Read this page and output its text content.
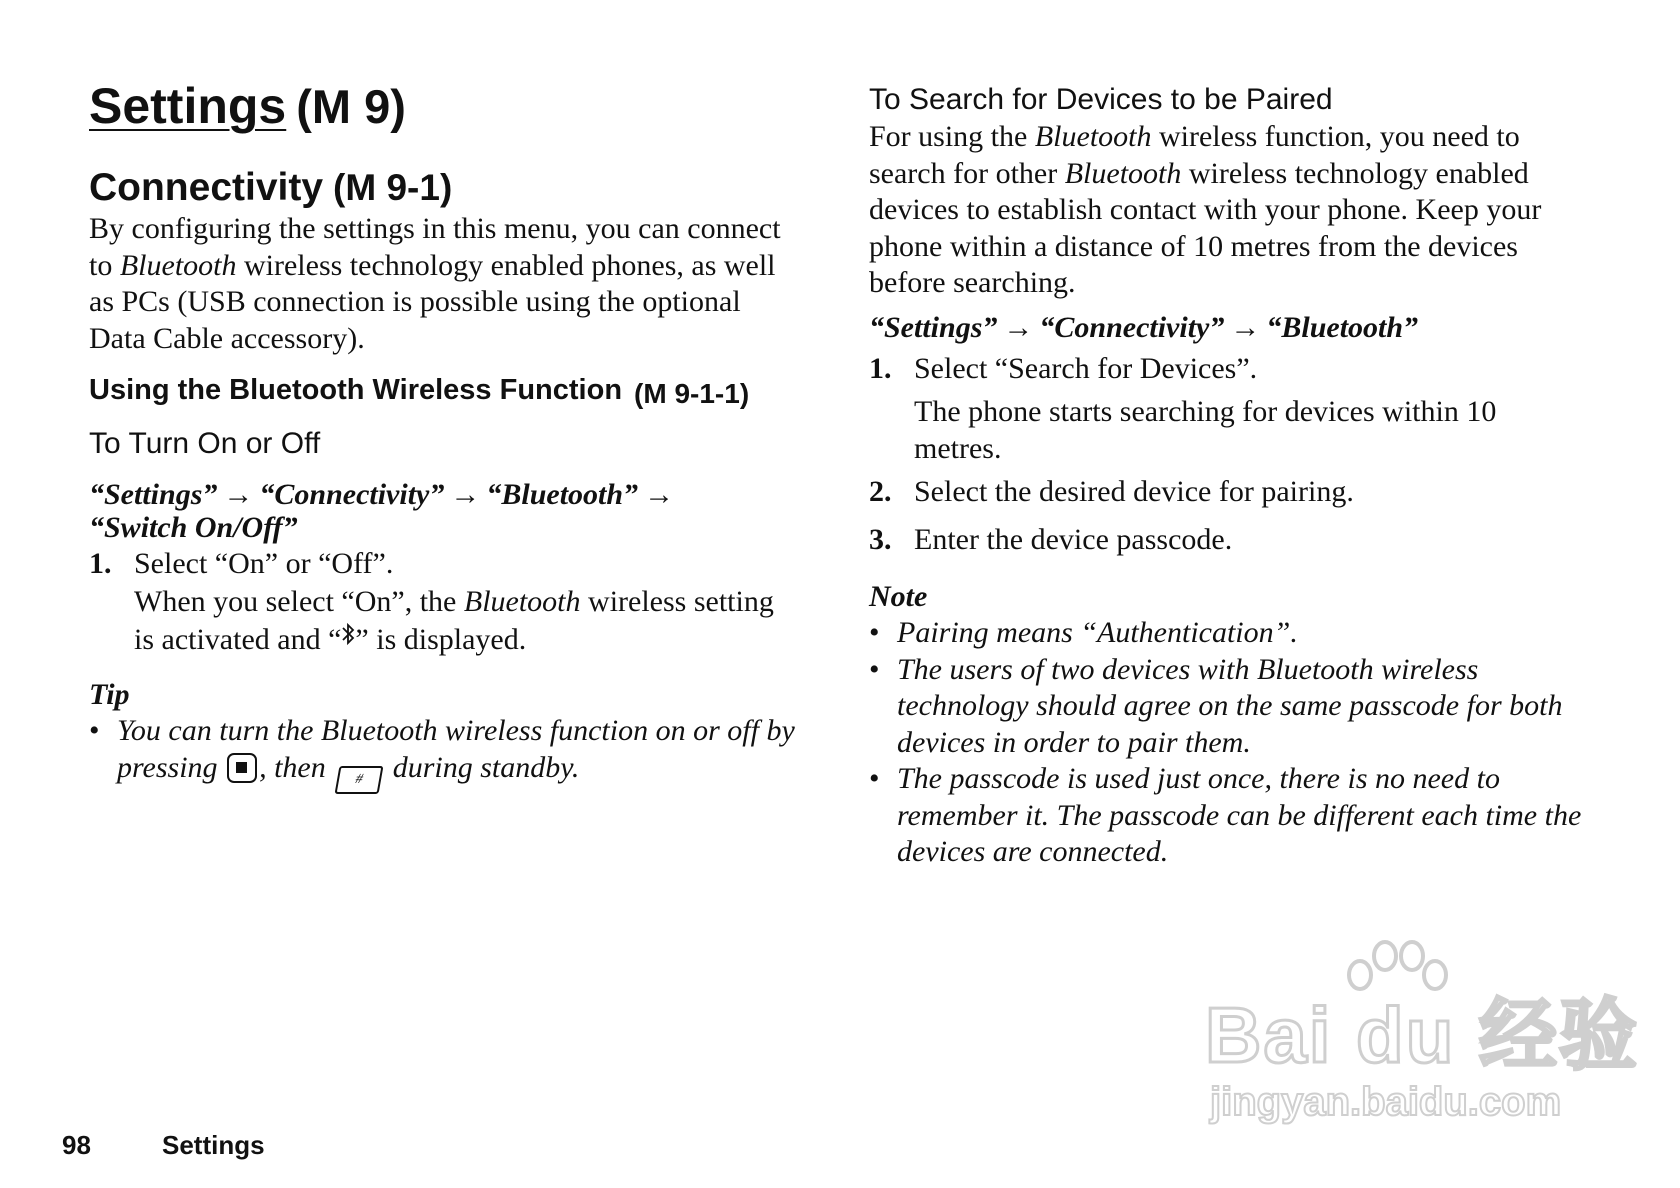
Settings (M 9)
Connectivity (M 9-1)
By configuring the settings in this menu, you can connect to Bluetooth wireless technology enabled phones, as well as PCs (USB connection is possible using the optional Data Cable accessory).
Using the Bluetooth Wireless Function (M 9-1-1)
To Turn On or Off
“Settings” → “Connectivity” → “Bluetooth” →
“Switch On/Off”
1. Select “On” or “Off”.
When you select “On”, the Bluetooth wireless setting is activated and “ ” is displayed.
Tip
• You can turn the Bluetooth wireless function on or off by pressing , then # during standby.
To Search for Devices to be Paired
For using the Bluetooth wireless function, you need to search for other Bluetooth wireless technology enabled devices to establish contact with your phone. Keep your phone within a distance of 10 metres from the devices before searching.
“Settings” → “Connectivity” → “Bluetooth”
1. Select “Search for Devices”.
The phone starts searching for devices within 10 metres.
2. Select the desired device for pairing.
3. Enter the device passcode.
Note
• Pairing means “Authentication”.
• The users of two devices with Bluetooth wireless technology should agree on the same passcode for both devices in order to pair them.
• The passcode is used just once, there is no need to remember it. The passcode can be different each time the devices are connected.
98	Settings
Bai du 经验
jingyan.baidu.com
